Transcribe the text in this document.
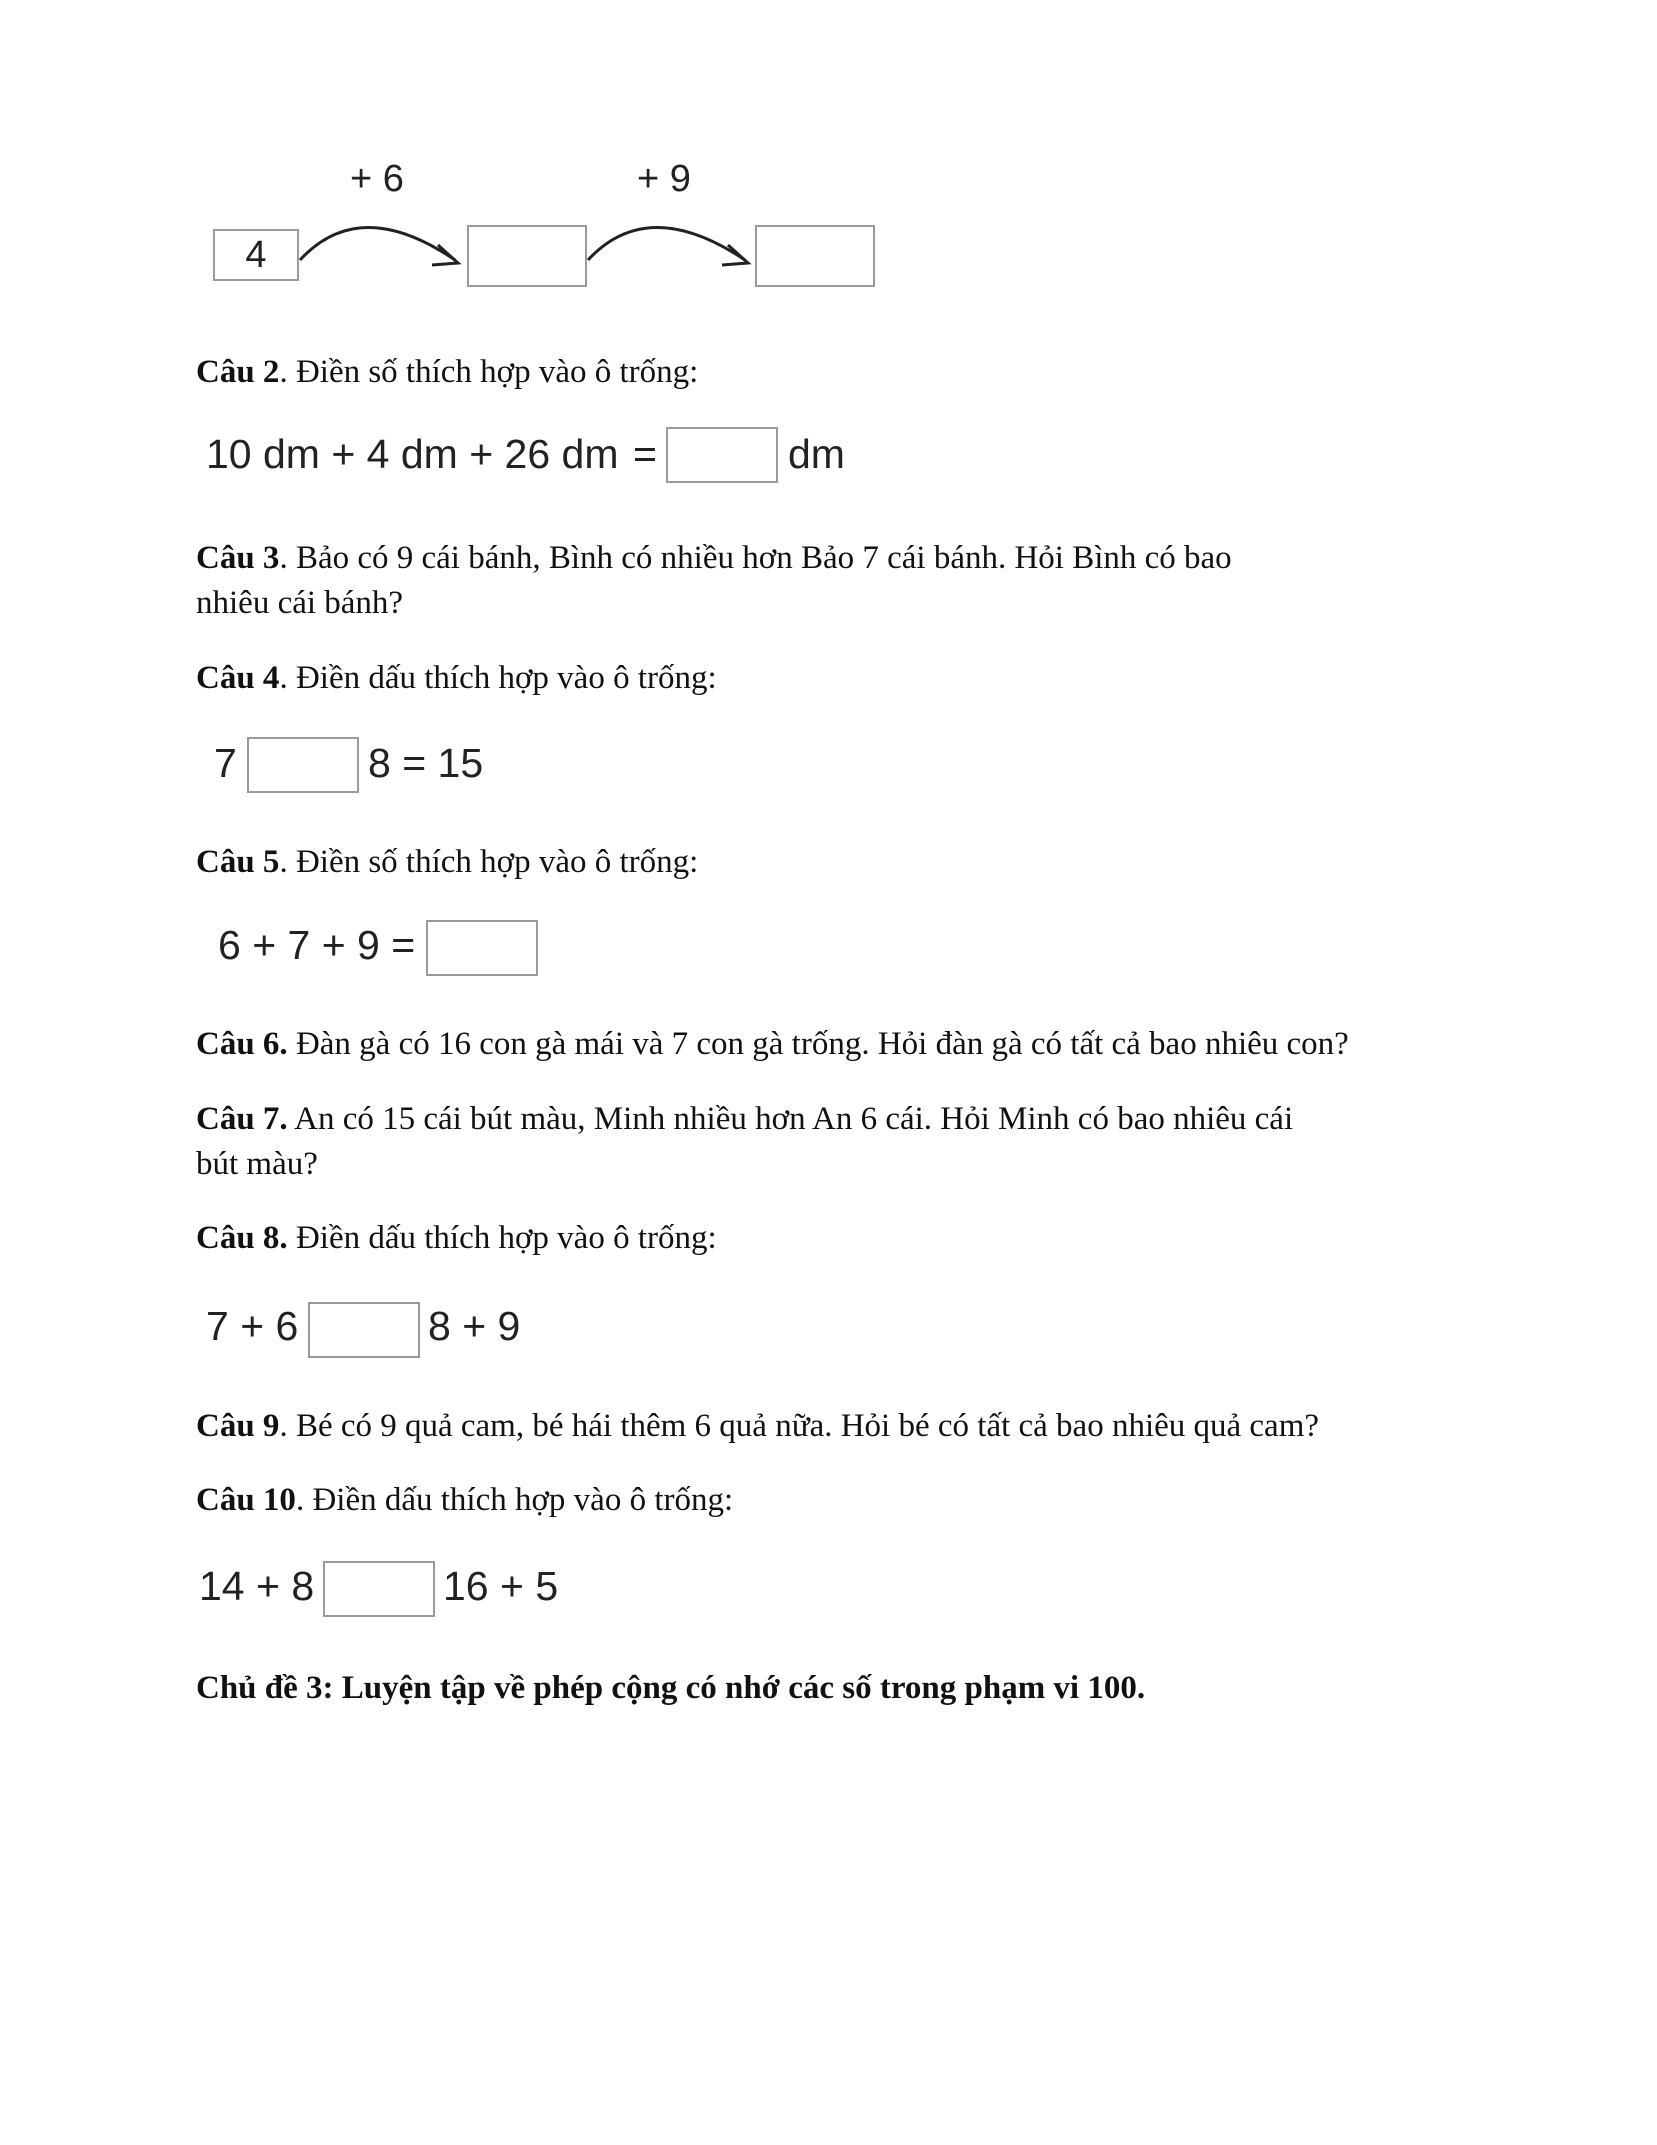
+ 6	+ 9
4
Câu 2. Điền số thích hợp vào ô trống:
10 dm + 4 dm + 26 dm =	dm
Câu 3. Bảo có 9 cái bánh, Bình có nhiều hơn Bảo 7 cái bánh. Hỏi Bình có bao
nhiêu cái bánh?
Câu 4. Điền dấu thích hợp vào ô trống:
7	8 = 15
Câu 5. Điền số thích hợp vào ô trống:
6 + 7 + 9 =
Câu 6. Đàn gà có 16 con gà mái và 7 con gà trống. Hỏi đàn gà có tất cả bao nhiêu con?
Câu 7. An có 15 cái bút màu, Minh nhiều hơn An 6 cái. Hỏi Minh có bao nhiêu cái
bút màu?
Câu 8. Điền dấu thích hợp vào ô trống:
7 + 6	8 + 9
Câu 9. Bé có 9 quả cam, bé hái thêm 6 quả nữa. Hỏi bé có tất cả bao nhiêu quả cam?
Câu 10. Điền dấu thích hợp vào ô trống:
14 + 8	16 + 5
Chủ đề 3: Luyện tập về phép cộng có nhớ các số trong phạm vi 100.
